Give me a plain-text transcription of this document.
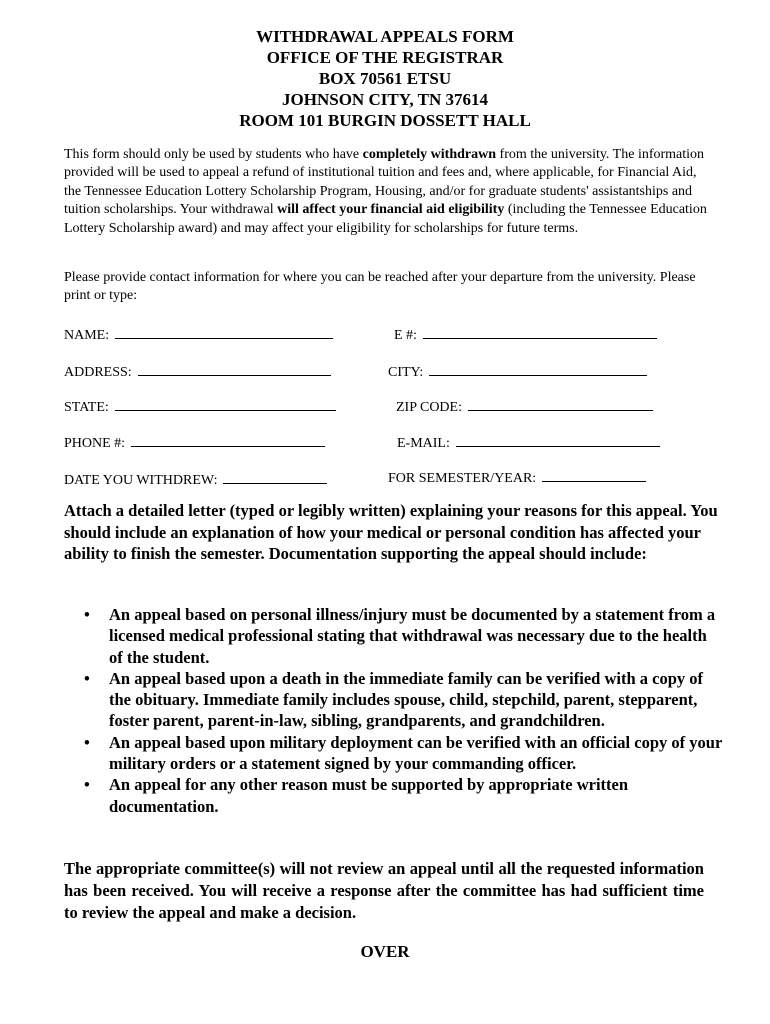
WITHDRAWAL APPEALS FORM
OFFICE OF THE REGISTRAR
BOX 70561 ETSU
JOHNSON CITY, TN 37614
ROOM 101 BURGIN DOSSETT HALL
This form should only be used by students who have completely withdrawn from the university. The information provided will be used to appeal a refund of institutional tuition and fees and, where applicable, for Financial Aid, the Tennessee Education Lottery Scholarship Program, Housing, and/or for graduate students' assistantships and tuition scholarships. Your withdrawal will affect your financial aid eligibility (including the Tennessee Education Lottery Scholarship award) and may affect your eligibility for scholarships for future terms.
Please provide contact information for where you can be reached after your departure from the university. Please print or type:
NAME:	E #:
ADDRESS:	CITY:
STATE:	ZIP CODE:
PHONE #:	E-MAIL:
DATE YOU WITHDREW:	FOR SEMESTER/YEAR:
Attach a detailed letter (typed or legibly written) explaining your reasons for this appeal. You should include an explanation of how your medical or personal condition has affected your ability to finish the semester. Documentation supporting the appeal should include:
• An appeal based on personal illness/injury must be documented by a statement from a licensed medical professional stating that withdrawal was necessary due to the health of the student.
• An appeal based upon a death in the immediate family can be verified with a copy of the obituary. Immediate family includes spouse, child, stepchild, parent, stepparent, foster parent, parent-in-law, sibling, grandparents, and grandchildren.
• An appeal based upon military deployment can be verified with an official copy of your military orders or a statement signed by your commanding officer.
• An appeal for any other reason must be supported by appropriate written documentation.
The appropriate committee(s) will not review an appeal until all the requested information has been received. You will receive a response after the committee has had sufficient time to review the appeal and make a decision.
OVER
